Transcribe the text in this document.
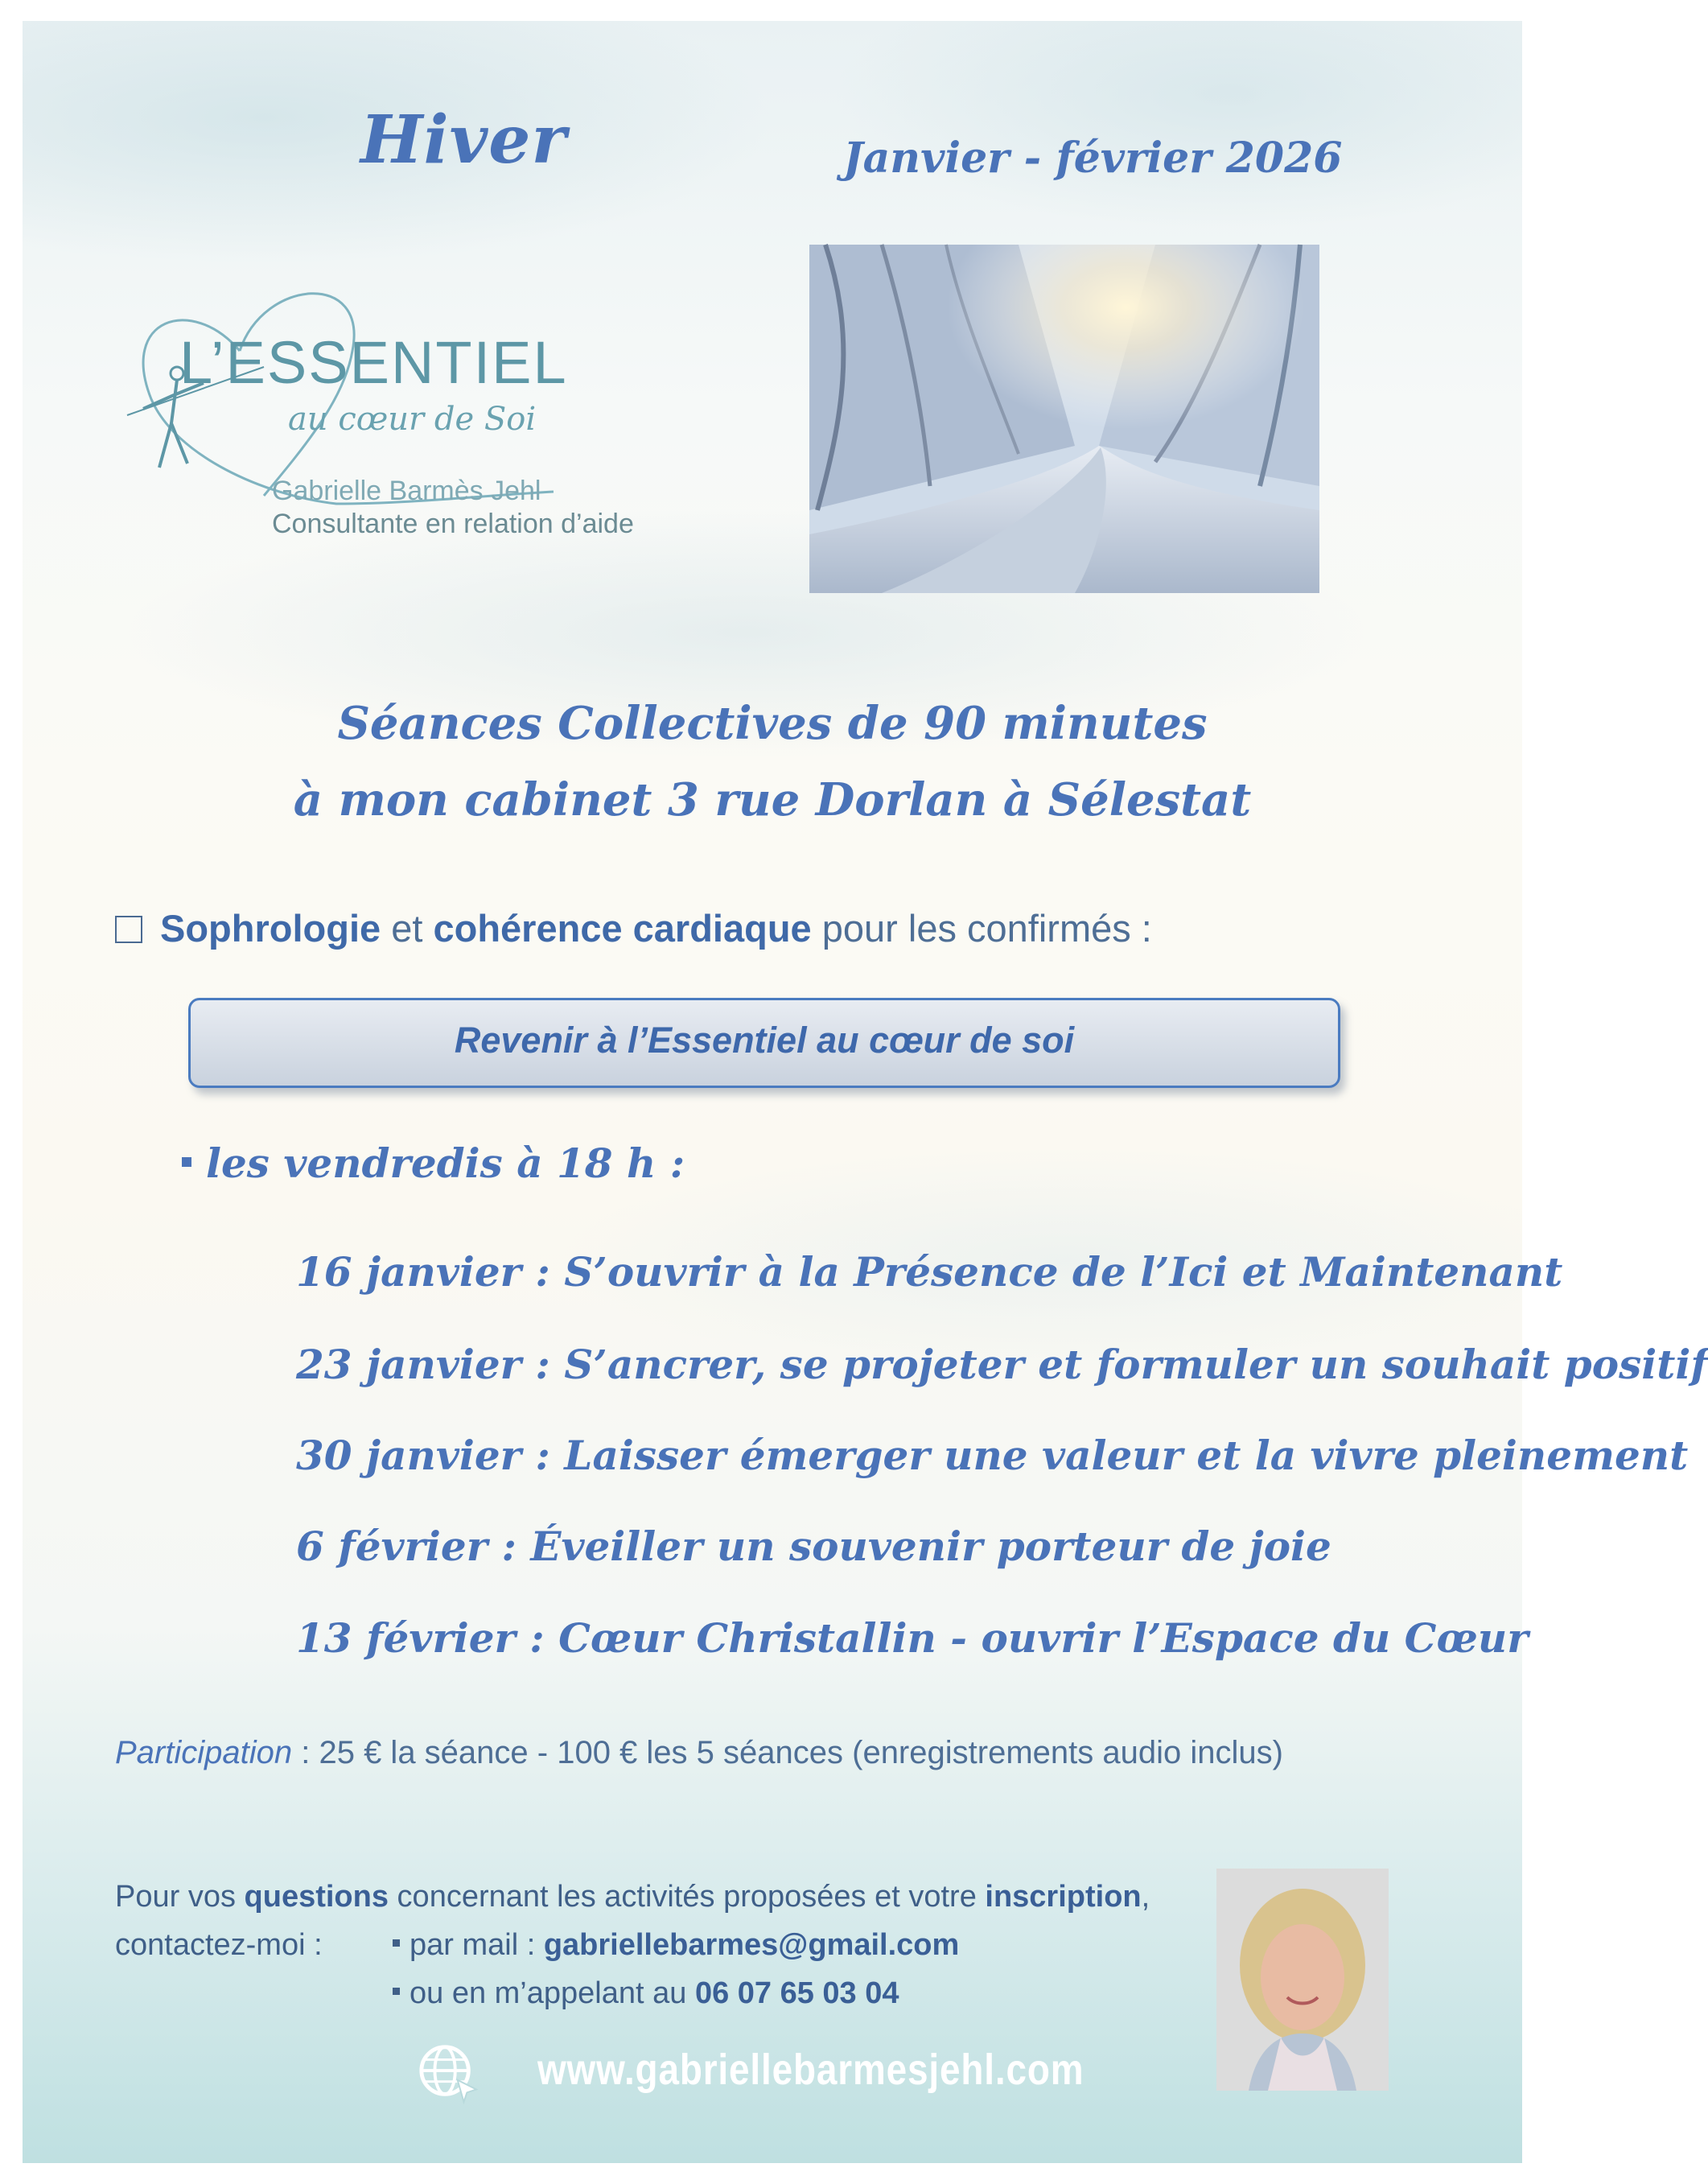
Hiver	Janvier - février 2026
L’ESSENTIEL
au cœur de Soi
Gabrielle Barmès Jehl
Consultante en relation d’aide
Séances Collectives de 90 minutes
à mon cabinet 3 rue Dorlan à Sélestat
Sophrologie et cohérence cardiaque pour les confirmés :
Revenir à l’Essentiel au cœur de soi
les vendredis à 18 h :
16 janvier : S’ouvrir à la Présence de l’Ici et Maintenant
23 janvier : S’ancrer, se projeter et formuler un souhait positif
30 janvier : Laisser émerger une valeur et la vivre pleinement
6 février : Éveiller un souvenir porteur de joie
13 février : Cœur Christallin - ouvrir l’Espace du Cœur
Participation : 25 € la séance - 100 € les 5 séances (enregistrements audio inclus)
Pour vos questions concernant les activités proposées et votre inscription,
contactez-moi :	par mail : gabriellebarmes@gmail.com
ou en m’appelant au 06 07 65 03 04
www.gabriellebarmesjehl.com
